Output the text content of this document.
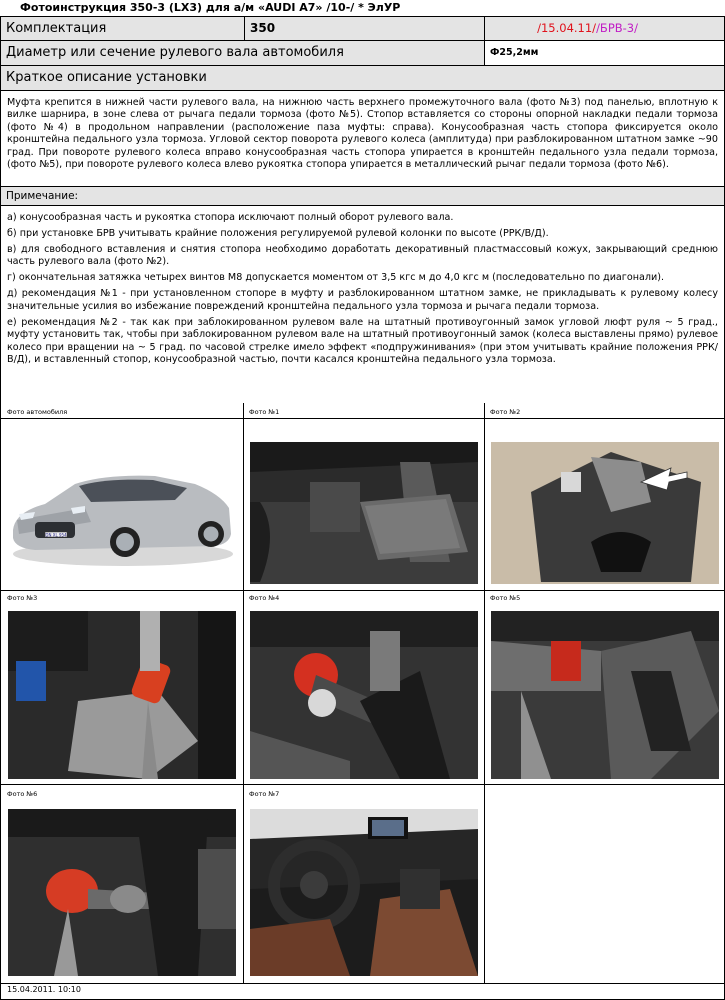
Фотоинструкция 350-3 (LX3) для а/м «AUDI A7» /10-/ * ЭлУР
Комплектация	350	/15.04.11//БРВ-3/
Диаметр или сечение рулевого вала автомобиля	Ф25,2мм
Краткое описание установки
Муфта крепится в нижней части рулевого вала, на нижнюю часть верхнего промежуточного вала (фото №3) под панелью, вплотную к вилке шарнира, в зоне слева от рычага педали тормоза (фото №5). Стопор вставляется со стороны опорной накладки педали тормоза (фото №4) в продольном направлении (расположение паза муфты: справа). Конусообразная часть стопора фиксируется около кронштейна педального узла тормоза. Угловой сектор поворота рулевого колеса (амплитуда) при разблокированном штатном замке ~90 град. При повороте рулевого колеса вправо конусообразная часть стопора упирается в кронштейн педального узла педали тормоза, (фото №5), при повороте рулевого колеса влево рукоятка стопора упирается в металлический рычаг педали тормоза (фото №6).
Примечание:

а) конусообразная часть и рукоятка стопора исключают полный оборот рулевого вала.

б) при установке БРВ учитывать крайние положения регулируемой рулевой колонки по высоте (РРК/В/Д).

в) для свободного вставления и снятия стопора необходимо доработать декоративный пластмассовый кожух, закрывающий среднюю часть рулевого вала (фото №2).

г) окончательная затяжка четырех винтов М8 допускается моментом от 3,5 кгс м до 4,0 кгс м (последовательно по диагонали).

д) рекомендация №1 - при установленном стопоре в муфту и разблокированном штатном замке, не прикладывать к рулевому колесу значительные усилия во избежание повреждений кронштейна педального узла тормоза и рычага педали тормоза.

е) рекомендация №2 - так как при заблокированном рулевом вале на штатный противоугонный замок угловой люфт руля ~ 5 град., муфту установить так, чтобы при заблокированном рулевом вале на штатный противоугонный замок (колеса выставлены прямо) рулевое колесо при вращении на ~ 5 град. по часовой стрелке имело эффект «подпружинивания» (при этом учитывать крайние положения РРК/В/Д), и вставленный стопор, конусообразной частью, почти касался кронштейна педального узла тормоза.

Фото автомобиля	Фото №1	Фото №2
Фото №3	Фото №4	Фото №5
Фото №6	Фото №7
DN XL 954
15.04.2011. 10:10
